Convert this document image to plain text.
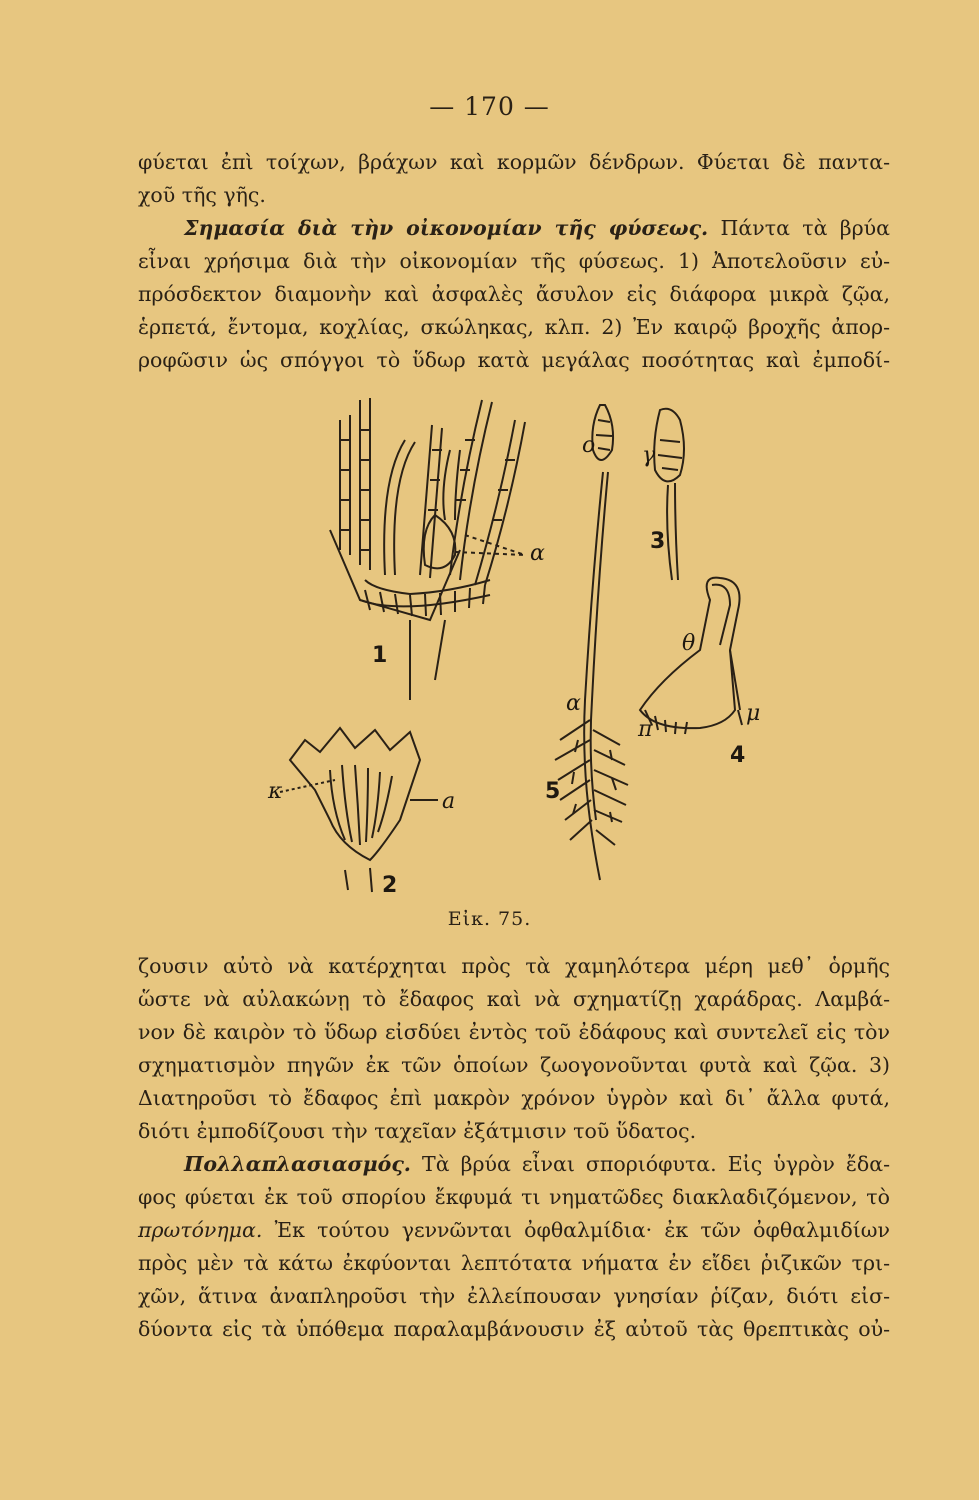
— 170 —
φύεται ἐπὶ τοίχων, βράχων καὶ κορμῶν δένδρων. Φύεται δὲ παντα-
χοῦ τῆς γῆς.
Σημασία διὰ τὴν οἰκονομίαν τῆς φύσεως. Πάντα τὰ βρύα
εἶναι χρήσιμα διὰ τὴν οἰκονομίαν τῆς φύσεως. 1) Ἀποτελοῦσιν εὐ-
πρόσδεκτον διαμονὴν καὶ ἀσφαλὲς ἄσυλον εἰς διάφορα μικρὰ ζῷα,
ἑρπετά, ἔντομα, κοχλίας, σκώληκας, κλπ. 2) Ἐν καιρῷ βροχῆς ἀπορ-
ροφῶσιν ὡς σπόγγοι τὸ ὕδωρ κατὰ μεγάλας ποσότητας καὶ ἐμποδί-
1
2
3
4
5
α
a
α
κ
ο γ
θ
π
μ
Εἰκ. 75.
ζουσιν αὐτὸ νὰ κατέρχηται πρὸς τὰ χαμηλότερα μέρη μεθ᾽ ὁρμῆς
ὥστε νὰ αὐλακώνῃ τὸ ἔδαφος καὶ νὰ σχηματίζῃ χαράδρας. Λαμβά-
νον δὲ καιρὸν τὸ ὕδωρ εἰσδύει ἐντὸς τοῦ ἐδάφους καὶ συντελεῖ εἰς τὸν
σχηματισμὸν πηγῶν ἐκ τῶν ὁποίων ζωογονοῦνται φυτὰ καὶ ζῷα. 3)
Διατηροῦσι τὸ ἔδαφος ἐπὶ μακρὸν χρόνον ὑγρὸν καὶ δι᾽ ἄλλα φυτά,
διότι ἐμποδίζουσι τὴν ταχεῖαν ἐξάτμισιν τοῦ ὕδατος.
Πολλαπλασιασμός. Τὰ βρύα εἶναι σποριόφυτα. Εἰς ὑγρὸν ἔδα-
φος φύεται ἐκ τοῦ σπορίου ἔκφυμά τι νηματῶδες διακλαδιζόμενον, τὸ
πρωτόνημα. Ἐκ τούτου γεννῶνται ὀφθαλμίδια· ἐκ τῶν ὀφθαλμιδίων
πρὸς μὲν τὰ κάτω ἐκφύονται λεπτότατα νήματα ἐν εἴδει ῥιζικῶν τρι-
χῶν, ἅτινα ἀναπληροῦσι τὴν ἐλλείπουσαν γνησίαν ῥίζαν, διότι εἰσ-
δύοντα εἰς τὰ ὑπόθεμα παραλαμβάνουσιν ἐξ αὐτοῦ τὰς θρεπτικὰς οὐ-
